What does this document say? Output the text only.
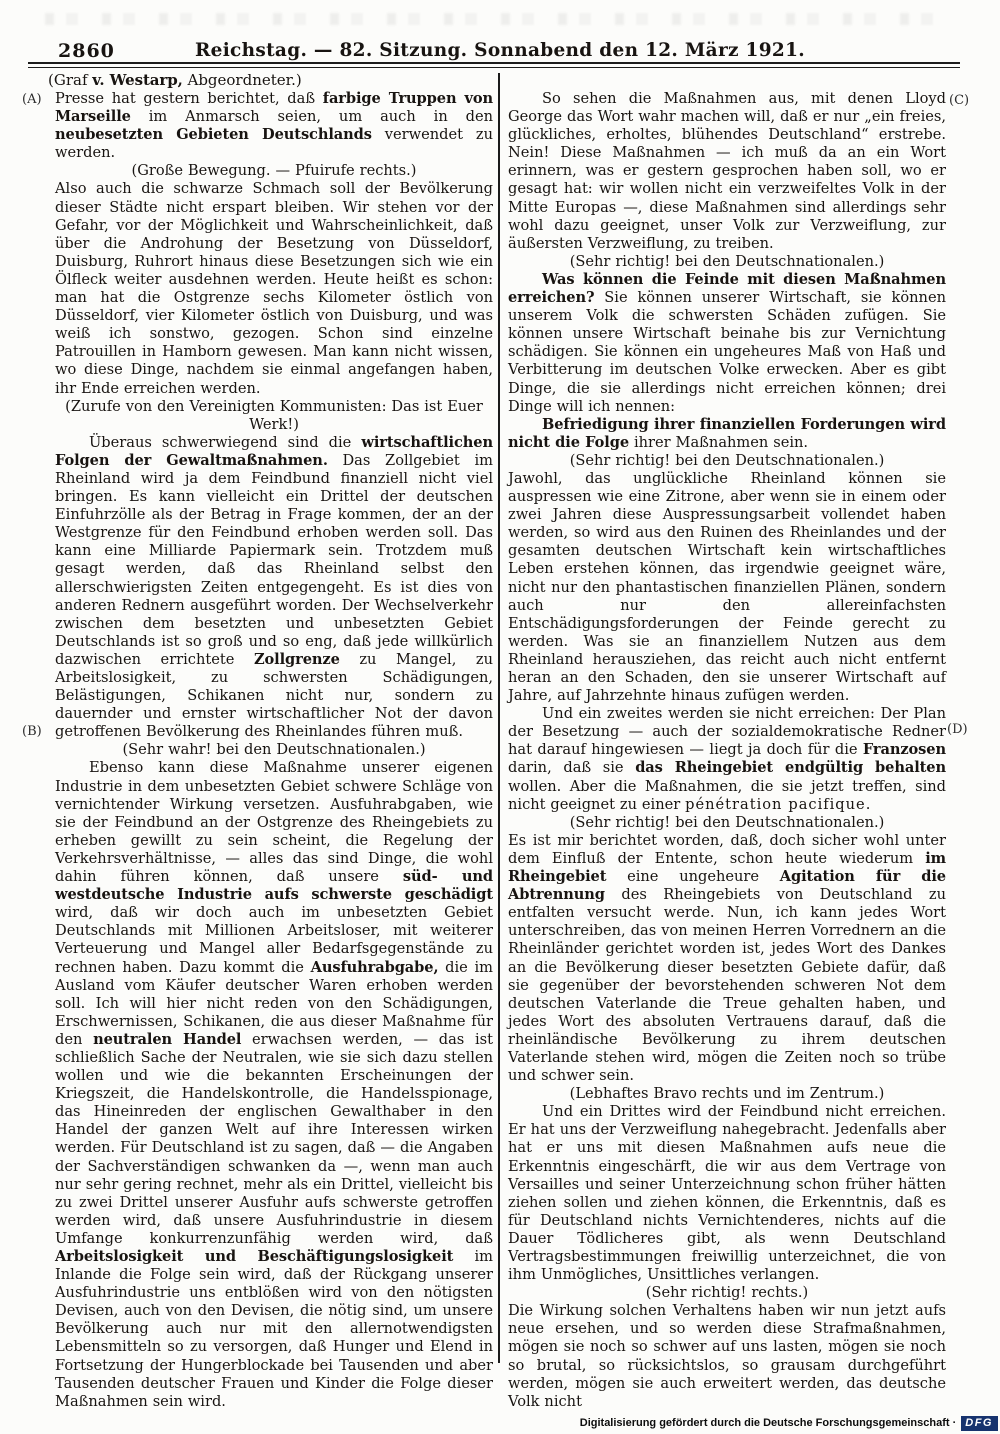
2860	Reichstag. — 82. Sitzung. Sonnabend den 12. März 1921.
(A)
(B)
(C)
(D)
(Graf v. Westarp, Abgeordneter.)

Presse hat gestern berichtet, daß farbige Truppen von Marseille im Anmarsch seien, um auch in den neubesetzten Gebieten Deutschlands verwendet zu werden.

(Große Bewegung. — Pfuirufe rechts.)

Also auch die schwarze Schmach soll der Bevölkerung dieser Städte nicht erspart bleiben. Wir stehen vor der Gefahr, vor der Möglichkeit und Wahrscheinlichkeit, daß über die Androhung der Besetzung von Düsseldorf, Duisburg, Ruhrort hinaus diese Besetzungen sich wie ein Ölfleck weiter ausdehnen werden. Heute heißt es schon: man hat die Ostgrenze sechs Kilometer östlich von Düsseldorf, vier Kilometer östlich von Duisburg, und was weiß ich sonstwo, gezogen. Schon sind einzelne Patrouillen in Hamborn gewesen. Man kann nicht wissen, wo diese Dinge, nachdem sie einmal angefangen haben, ihr Ende erreichen werden.

(Zurufe von den Vereinigten Kommunisten: Das ist Euer Werk!)

Überaus schwerwiegend sind die wirtschaftlichen Folgen der Gewaltmaßnahmen. Das Zollgebiet im Rheinland wird ja dem Feindbund finanziell nicht viel bringen. Es kann vielleicht ein Drittel der deutschen Einfuhrzölle als der Betrag in Frage kommen, der an der Westgrenze für den Feindbund erhoben werden soll. Das kann eine Milliarde Papiermark sein. Trotzdem muß gesagt werden, daß das Rheinland selbst den allerschwierigsten Zeiten entgegengeht. Es ist dies von anderen Rednern ausgeführt worden. Der Wechselverkehr zwischen dem besetzten und unbesetzten Gebiet Deutschlands ist so groß und so eng, daß jede willkürlich dazwischen errichtete Zollgrenze zu Mangel, zu Arbeitslosigkeit, zu schwersten Schädigungen, Belästigungen, Schikanen nicht nur, sondern zu dauernder und ernster wirtschaftlicher Not der davon getroffenen Bevölkerung des Rheinlandes führen muß.

(Sehr wahr! bei den Deutschnationalen.)

Ebenso kann diese Maßnahme unserer eigenen Industrie in dem unbesetzten Gebiet schwere Schläge von vernichtender Wirkung versetzen. Ausfuhrabgaben, wie sie der Feindbund an der Ostgrenze des Rheingebiets zu erheben gewillt zu sein scheint, die Regelung der Verkehrsverhältnisse, — alles das sind Dinge, die wohl dahin führen können, daß unsere süd- und westdeutsche Industrie aufs schwerste geschädigt wird, daß wir doch auch im unbesetzten Gebiet Deutschlands mit Millionen Arbeitsloser, mit weiterer Verteuerung und Mangel aller Bedarfsgegenstände zu rechnen haben. Dazu kommt die Ausfuhrabgabe, die im Ausland vom Käufer deutscher Waren erhoben werden soll. Ich will hier nicht reden von den Schädigungen, Erschwernissen, Schikanen, die aus dieser Maßnahme für den neutralen Handel erwachsen werden, — das ist schließlich Sache der Neutralen, wie sie sich dazu stellen wollen und wie die bekannten Erscheinungen der Kriegszeit, die Handelskontrolle, die Handelsspionage, das Hineinreden der englischen Gewalthaber in den Handel der ganzen Welt auf ihre Interessen wirken werden. Für Deutschland ist zu sagen, daß — die Angaben der Sachverständigen schwanken da —, wenn man auch nur sehr gering rechnet, mehr als ein Drittel, vielleicht bis zu zwei Drittel unserer Ausfuhr aufs schwerste getroffen werden wird, daß unsere Ausfuhrindustrie in diesem Umfange konkurrenzunfähig werden wird, daß Arbeitslosigkeit und Beschäftigungslosigkeit im Inlande die Folge sein wird, daß der Rückgang unserer Ausfuhrindustrie uns entblößen wird von den nötigsten Devisen, auch von den Devisen, die nötig sind, um unsere Bevölkerung auch nur mit den allernotwendigsten Lebensmitteln so zu versorgen, daß Hunger und Elend in Fortsetzung der Hungerblockade bei Tausenden und aber Tausenden deutscher Frauen und Kinder die Folge dieser Maßnahmen sein wird.

So sehen die Maßnahmen aus, mit denen Lloyd George das Wort wahr machen will, daß er nur „ein freies, glückliches, erholtes, blühendes Deutschland“ erstrebe. Nein! Diese Maßnahmen — ich muß da an ein Wort erinnern, was er gestern gesprochen haben soll, wo er gesagt hat: wir wollen nicht ein verzweifeltes Volk in der Mitte Europas —, diese Maßnahmen sind allerdings sehr wohl dazu geeignet, unser Volk zur Verzweiflung, zur äußersten Verzweiflung, zu treiben.

(Sehr richtig! bei den Deutschnationalen.)

Was können die Feinde mit diesen Maßnahmen erreichen? Sie können unserer Wirtschaft, sie können unserem Volk die schwersten Schäden zufügen. Sie können unsere Wirtschaft beinahe bis zur Vernichtung schädigen. Sie können ein ungeheures Maß von Haß und Verbitterung im deutschen Volke erwecken. Aber es gibt Dinge, die sie allerdings nicht erreichen können; drei Dinge will ich nennen:

Befriedigung ihrer finanziellen Forderungen wird nicht die Folge ihrer Maßnahmen sein.

(Sehr richtig! bei den Deutschnationalen.)

Jawohl, das unglückliche Rheinland können sie auspressen wie eine Zitrone, aber wenn sie in einem oder zwei Jahren diese Auspressungsarbeit vollendet haben werden, so wird aus den Ruinen des Rheinlandes und der gesamten deutschen Wirtschaft kein wirtschaftliches Leben erstehen können, das irgendwie geeignet wäre, nicht nur den phantastischen finanziellen Plänen, sondern auch nur den allereinfachsten Entschädigungsforderungen der Feinde gerecht zu werden. Was sie an finanziellem Nutzen aus dem Rheinland herausziehen, das reicht auch nicht entfernt heran an den Schaden, den sie unserer Wirtschaft auf Jahre, auf Jahrzehnte hinaus zufügen werden.

Und ein zweites werden sie nicht erreichen: Der Plan der Besetzung — auch der sozialdemokratische Redner hat darauf hingewiesen — liegt ja doch für die Franzosen darin, daß sie das Rheingebiet endgültig behalten wollen. Aber die Maßnahmen, die sie jetzt treffen, sind nicht geeignet zu einer pénétration pacifique.

(Sehr richtig! bei den Deutschnationalen.)

Es ist mir berichtet worden, daß, doch sicher wohl unter dem Einfluß der Entente, schon heute wiederum im Rheingebiet eine ungeheure Agitation für die Abtrennung des Rheingebiets von Deutschland zu entfalten versucht werde. Nun, ich kann jedes Wort unterschreiben, das von meinen Herren Vorrednern an die Rheinländer gerichtet worden ist, jedes Wort des Dankes an die Bevölkerung dieser besetzten Gebiete dafür, daß sie gegenüber der bevorstehenden schweren Not dem deutschen Vaterlande die Treue gehalten haben, und jedes Wort des absoluten Vertrauens darauf, daß die rheinländische Bevölkerung zu ihrem deutschen Vaterlande stehen wird, mögen die Zeiten noch so trübe und schwer sein.

(Lebhaftes Bravo rechts und im Zentrum.)

Und ein Drittes wird der Feindbund nicht erreichen. Er hat uns der Verzweiflung nahegebracht. Jedenfalls aber hat er uns mit diesen Maßnahmen aufs neue die Erkenntnis eingeschärft, die wir aus dem Vertrage von Versailles und seiner Unterzeichnung schon früher hätten ziehen sollen und ziehen können, die Erkenntnis, daß es für Deutschland nichts Vernichtenderes, nichts auf die Dauer Tödlicheres gibt, als wenn Deutschland Vertragsbestimmungen freiwillig unterzeichnet, die von ihm Unmögliches, Unsittliches verlangen.

(Sehr richtig! rechts.)

Die Wirkung solchen Verhaltens haben wir nun jetzt aufs neue ersehen, und so werden diese Strafmaßnahmen, mögen sie noch so schwer auf uns lasten, mögen sie noch so brutal, so rücksichtslos, so grausam durchgeführt werden, mögen sie auch erweitert werden, das deutsche Volk nicht

Digitalisierung gefördert durch die Deutsche Forschungsgemeinschaft · DFG
